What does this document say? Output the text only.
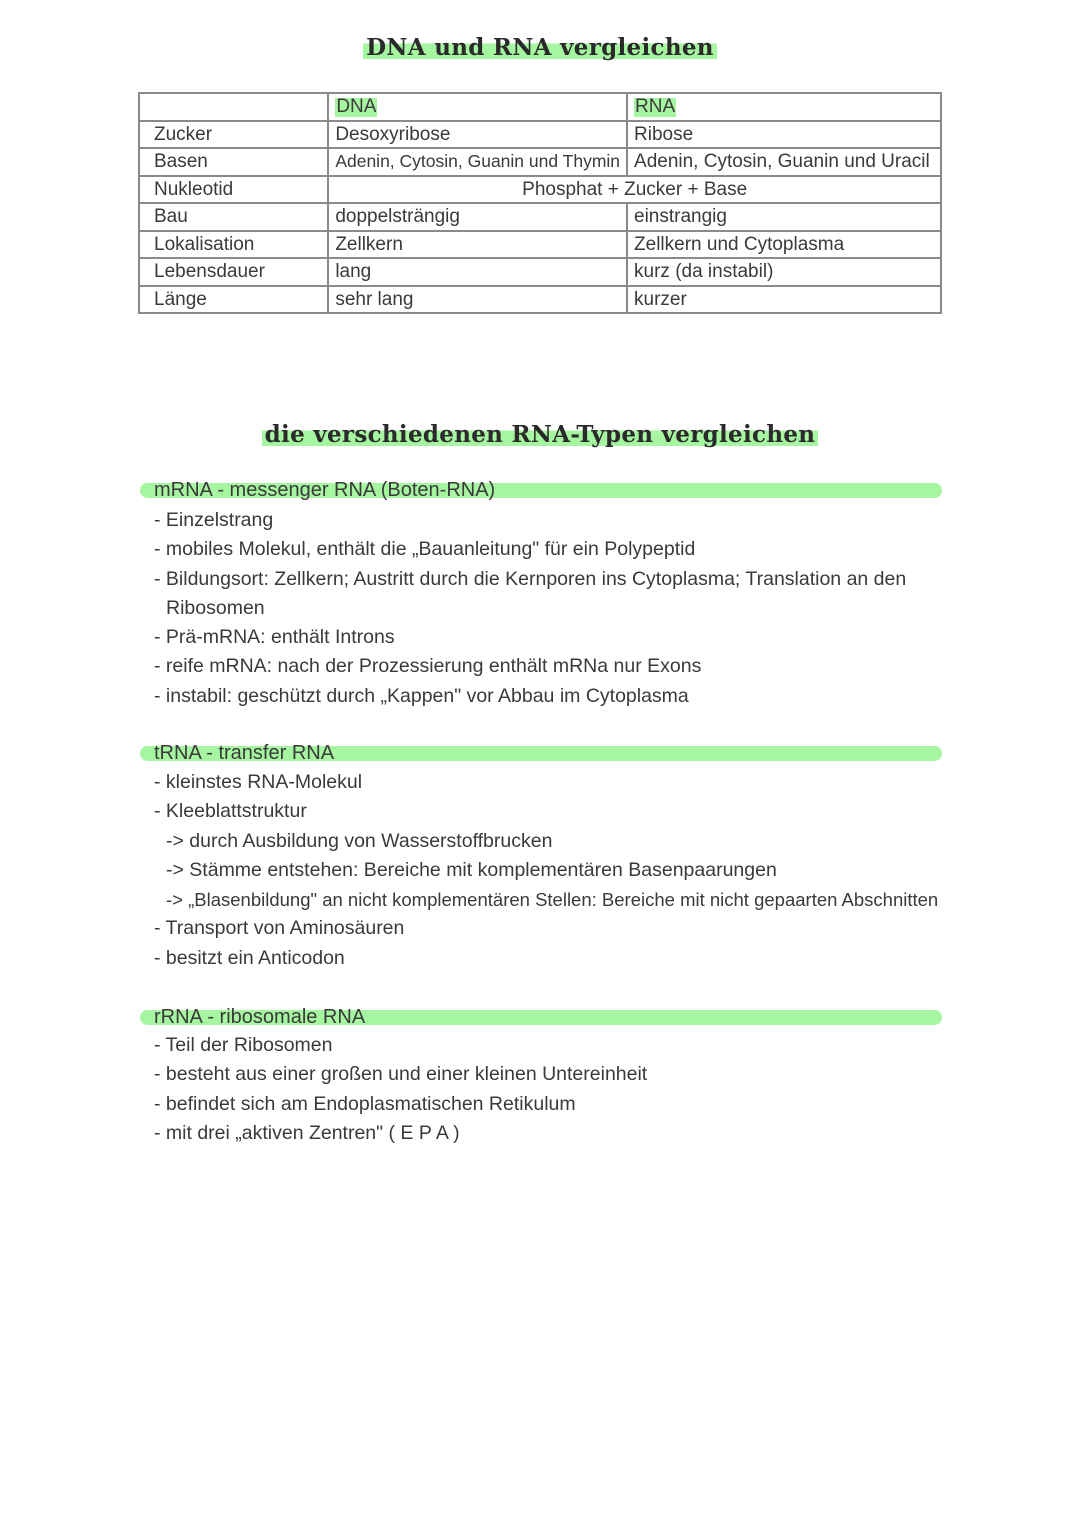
DNA und RNA vergleichen
	DNA	RNA
Zucker	Desoxyribose	Ribose
Basen	Adenin, Cytosin, Guanin und Thymin	Adenin, Cytosin, Guanin und Uracil
Nukleotid	Phosphat + Zucker + Base	
Bau	doppelsträngig	einstrangig
Lokalisation	Zellkern	Zellkern und Cytoplasma
Lebensdauer	lang	kurz (da instabil)
Länge	sehr lang	kurzer
die verschiedenen RNA-Typen vergleichen
mRNA - messenger RNA (Boten-RNA)
- Einzelstrang
- mobiles Molekul, enthält die „Bauanleitung" für ein Polypeptid
- Bildungsort: Zellkern; Austritt durch die Kernporen ins Cytoplasma; Translation an den
Ribosomen
- Prä-mRNA: enthält Introns
- reife mRNA: nach der Prozessierung enthält mRNa nur Exons
- instabil: geschützt durch „Kappen" vor Abbau im Cytoplasma
tRNA - transfer RNA
- kleinstes RNA-Molekul
- Kleeblattstruktur
-> durch Ausbildung von Wasserstoffbrucken
-> Stämme entstehen: Bereiche mit komplementären Basenpaarungen
-> „Blasenbildung" an nicht komplementären Stellen: Bereiche mit nicht gepaarten Abschnitten
- Transport von Aminosäuren
- besitzt ein Anticodon
rRNA - ribosomale RNA
- Teil der Ribosomen
- besteht aus einer großen und einer kleinen Untereinheit
- befindet sich am Endoplasmatischen Retikulum
- mit drei „aktiven Zentren" ( E P A )
